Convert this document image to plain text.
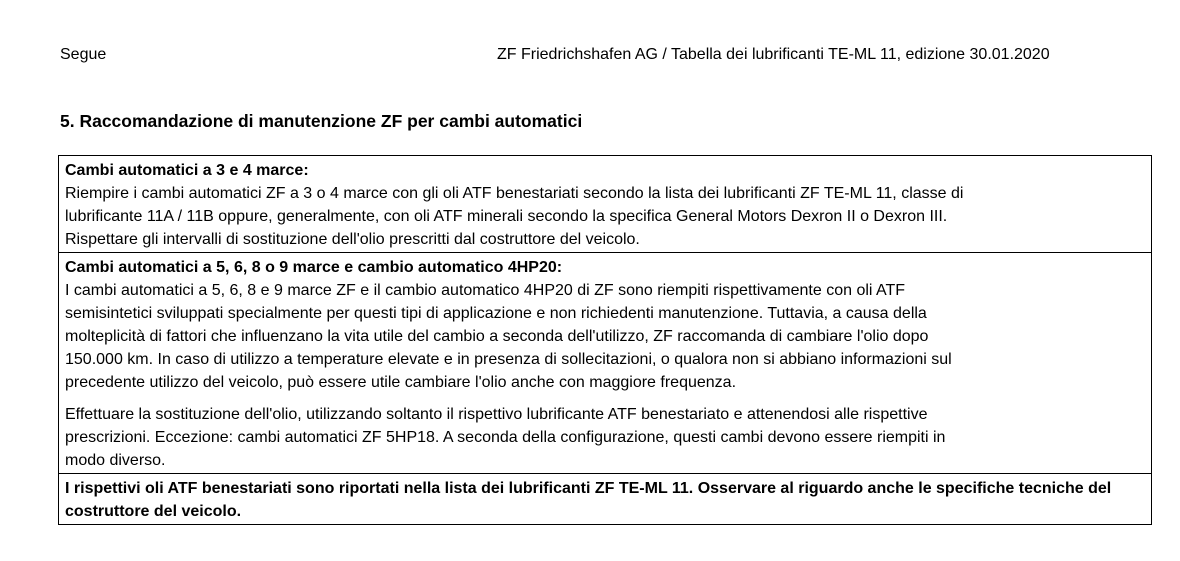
Segue	ZF Friedrichshafen AG / Tabella dei lubrificanti TE-ML 11, edizione 30.01.2020
5. Raccomandazione di manutenzione ZF per cambi automatici
Cambi automatici a 3 e 4 marce:
Riempire i cambi automatici ZF a 3 o 4 marce con gli oli ATF benestariati secondo la lista dei lubrificanti ZF TE-ML 11, classe di
lubrificante 11A / 11B oppure, generalmente, con oli ATF minerali secondo la specifica General Motors Dexron II o Dexron III.
Rispettare gli intervalli di sostituzione dell'olio prescritti dal costruttore del veicolo.
Cambi automatici a 5, 6, 8 o 9 marce e cambio automatico 4HP20:
I cambi automatici a 5, 6, 8 e 9 marce ZF e il cambio automatico 4HP20 di ZF sono riempiti rispettivamente con oli ATF
semisintetici sviluppati specialmente per questi tipi di applicazione e non richiedenti manutenzione. Tuttavia, a causa della
molteplicità di fattori che influenzano la vita utile del cambio a seconda dell'utilizzo, ZF raccomanda di cambiare l'olio dopo
150.000 km. In caso di utilizzo a temperature elevate e in presenza di sollecitazioni, o qualora non si abbiano informazioni sul
precedente utilizzo del veicolo, può essere utile cambiare l'olio anche con maggiore frequenza.
Effettuare la sostituzione dell'olio, utilizzando soltanto il rispettivo lubrificante ATF benestariato e attenendosi alle rispettive
prescrizioni. Eccezione: cambi automatici ZF 5HP18. A seconda della configurazione, questi cambi devono essere riempiti in
modo diverso.
I rispettivi oli ATF benestariati sono riportati nella lista dei lubrificanti ZF TE-ML 11. Osservare al riguardo anche le specifiche tecniche del costruttore del veicolo.
